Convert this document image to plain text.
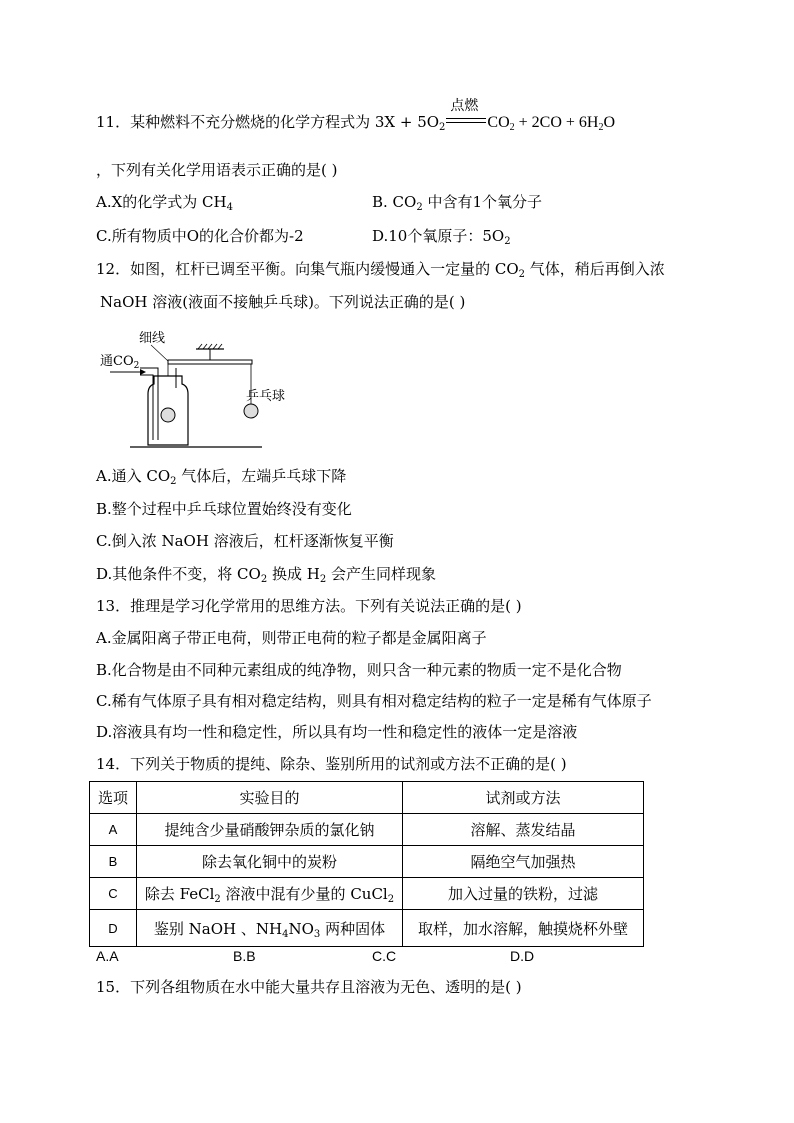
11．某种燃料不充分燃烧的化学方程式为 $3X + 5O_2$
点燃
$CO_2 + 2CO + 6H_2O$
，下列有关化学用语表示正确的是( )
A.X的化学式为 $CH_4$	B. $CO_2$ 中含有1个氧分子
C.所有物质中O的化合价都为-2	D.10个氧原子：$5O_2$
12．如图，杠杆已调至平衡。向集气瓶内缓慢通入一定量的 $CO_2$ 气体，稍后再倒入浓
NaOH 溶液(液面不接触乒乓球)。下列说法正确的是( )
细线
通$CO_2$
乒乓球
A.通入 $CO_2$ 气体后，左端乒乓球下降
B.整个过程中乒乓球位置始终没有变化
C.倒入浓 NaOH 溶液后，杠杆逐渐恢复平衡
D.其他条件不变，将 $CO_2$ 换成 $H_2$ 会产生同样现象
13．推理是学习化学常用的思维方法。下列有关说法正确的是( )
A.金属阳离子带正电荷，则带正电荷的粒子都是金属阳离子
B.化合物是由不同种元素组成的纯净物，则只含一种元素的物质一定不是化合物
C.稀有气体原子具有相对稳定结构，则具有相对稳定结构的粒子一定是稀有气体原子
D.溶液具有均一性和稳定性，所以具有均一性和稳定性的液体一定是溶液
14．下列关于物质的提纯、除杂、鉴别所用的试剂或方法不正确的是( )
选项	实验目的	试剂或方法
A	提纯含少量硝酸钾杂质的氯化钠	溶解、蒸发结晶
B	除去氧化铜中的炭粉	隔绝空气加强热
C	除去 FeCl$_2$ 溶液中混有少量的 CuCl$_2$	加入过量的铁粉，过滤
D	鉴别 NaOH 、$NH_4NO_3$ 两种固体	取样，加水溶解，触摸烧杯外壁
A.A	B.B	C.C	D.D
15．下列各组物质在水中能大量共存且溶液为无色、透明的是( )
